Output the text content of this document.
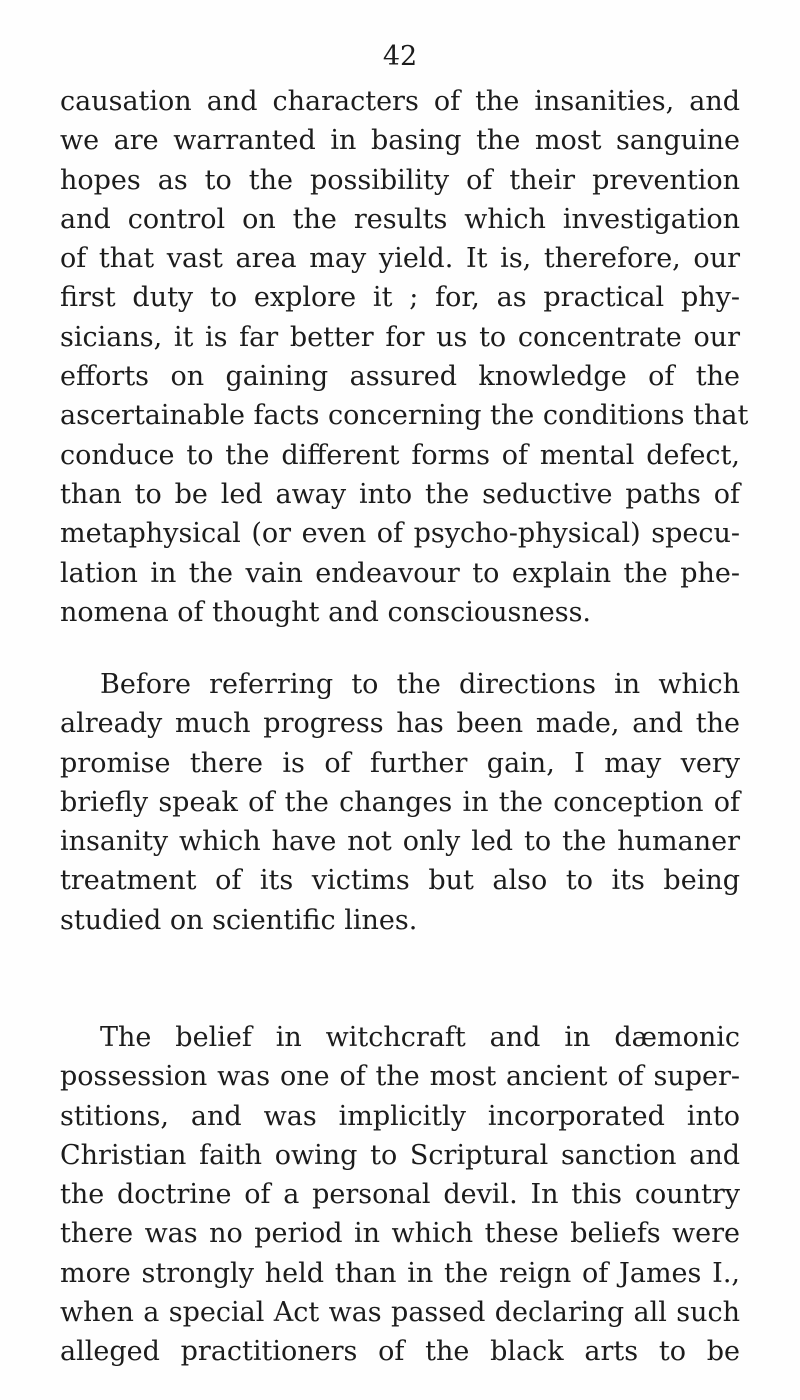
42
causation and characters of the insanities, and
we are warranted in basing the most sanguine
hopes as to the possibility of their prevention
and control on the results which investigation
of that vast area may yield. It is, therefore, our
first duty to explore it ; for, as practical phy-
sicians, it is far better for us to concentrate our
efforts on gaining assured knowledge of the
ascertainable facts concerning the conditions that
conduce to the different forms of mental defect,
than to be led away into the seductive paths of
metaphysical (or even of psycho-physical) specu-
lation in the vain endeavour to explain the phe-
nomena of thought and consciousness.
Before referring to the directions in which
already much progress has been made, and the
promise there is of further gain, I may very
briefly speak of the changes in the conception of
insanity which have not only led to the humaner
treatment of its victims but also to its being
studied on scientific lines.
The belief in witchcraft and in dæmonic
possession was one of the most ancient of super-
stitions, and was implicitly incorporated into
Christian faith owing to Scriptural sanction and
the doctrine of a personal devil. In this country
there was no period in which these beliefs were
more strongly held than in the reign of James I.,
when a special Act was passed declaring all such
alleged practitioners of the black arts to be
